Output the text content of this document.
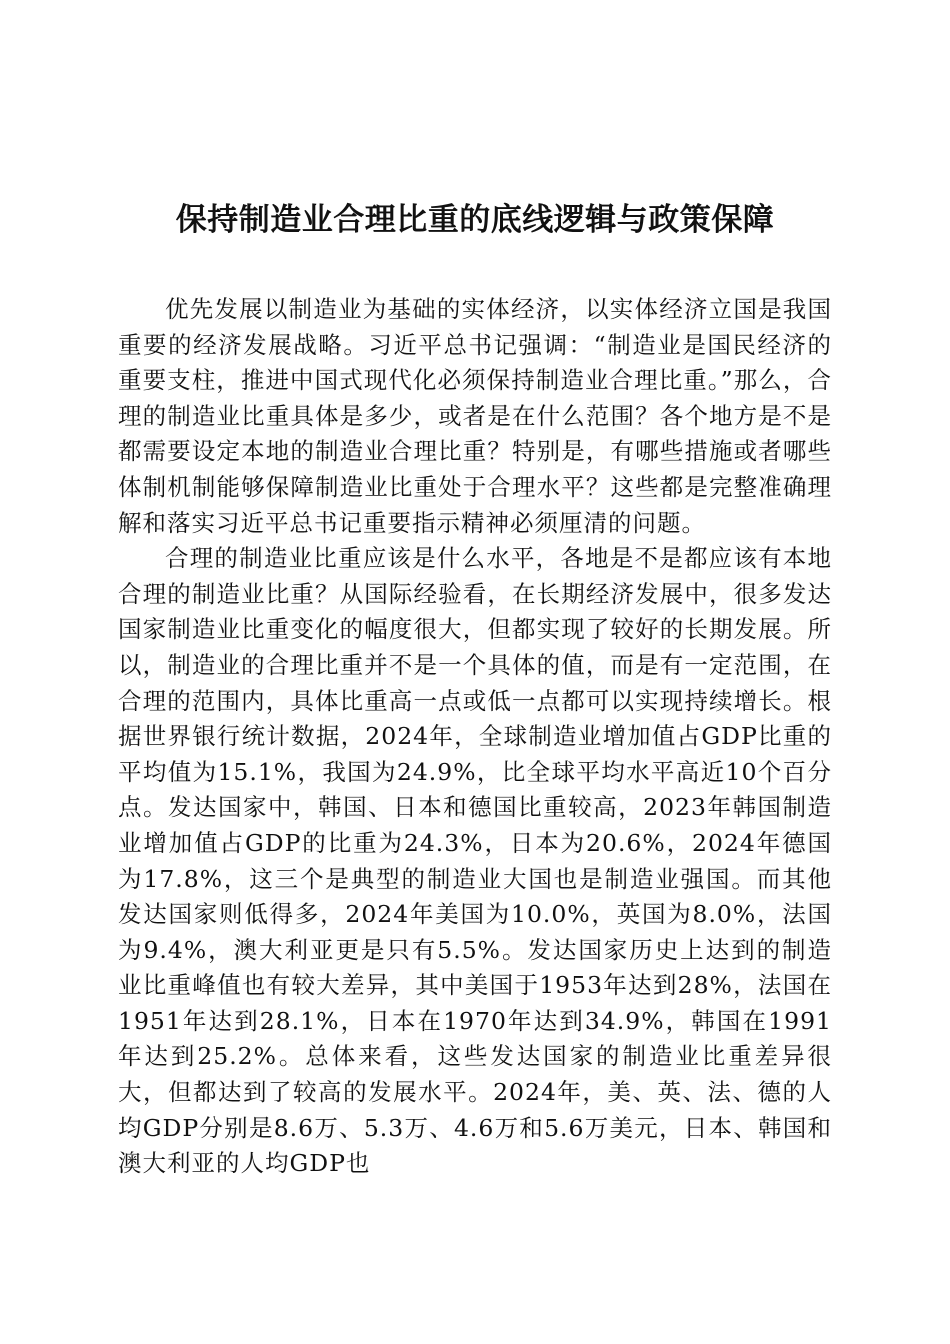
保持制造业合理比重的底线逻辑与政策保障

优先发展以制造业为基础的实体经济，以实体经济立国是我国重要的经济发展战略。习近平总书记强调：“制造业是国民经济的重要支柱，推进中国式现代化必须保持制造业合理比重。”那么，合理的制造业比重具体是多少，或者是在什么范围？各个地方是不是都需要设定本地的制造业合理比重？特别是，有哪些措施或者哪些体制机制能够保障制造业比重处于合理水平？这些都是完整准确理解和落实习近平总书记重要指示精神必须厘清的问题。

合理的制造业比重应该是什么水平，各地是不是都应该有本地合理的制造业比重？从国际经验看，在长期经济发展中，很多发达国家制造业比重变化的幅度很大，但都实现了较好的长期发展。所以，制造业的合理比重并不是一个具体的值，而是有一定范围，在合理的范围内，具体比重高一点或低一点都可以实现持续增长。根据世界银行统计数据，2024年，全球制造业增加值占GDP比重的平均值为15.1%，我国为24.9%，比全球平均水平高近10个百分点。发达国家中，韩国、日本和德国比重较高，2023年韩国制造业增加值占GDP的比重为24.3%，日本为20.6%，2024年德国为17.8%，这三个是典型的制造业大国也是制造业强国。而其他发达国家则低得多，2024年美国为10.0%，英国为8.0%，法国为9.4%，澳大利亚更是只有5.5%。发达国家历史上达到的制造业比重峰值也有较大差异，其中美国于1953年达到28%，法国在1951年达到28.1%，日本在1970年达到34.9%，韩国在1991年达到25.2%。总体来看，这些发达国家的制造业比重差异很大，但都达到了较高的发展水平。2024年，美、英、法、德的人均GDP分别是8.6万、5.3万、4.6万和5.6万美元，日本、韩国和澳大利亚的人均GDP也
